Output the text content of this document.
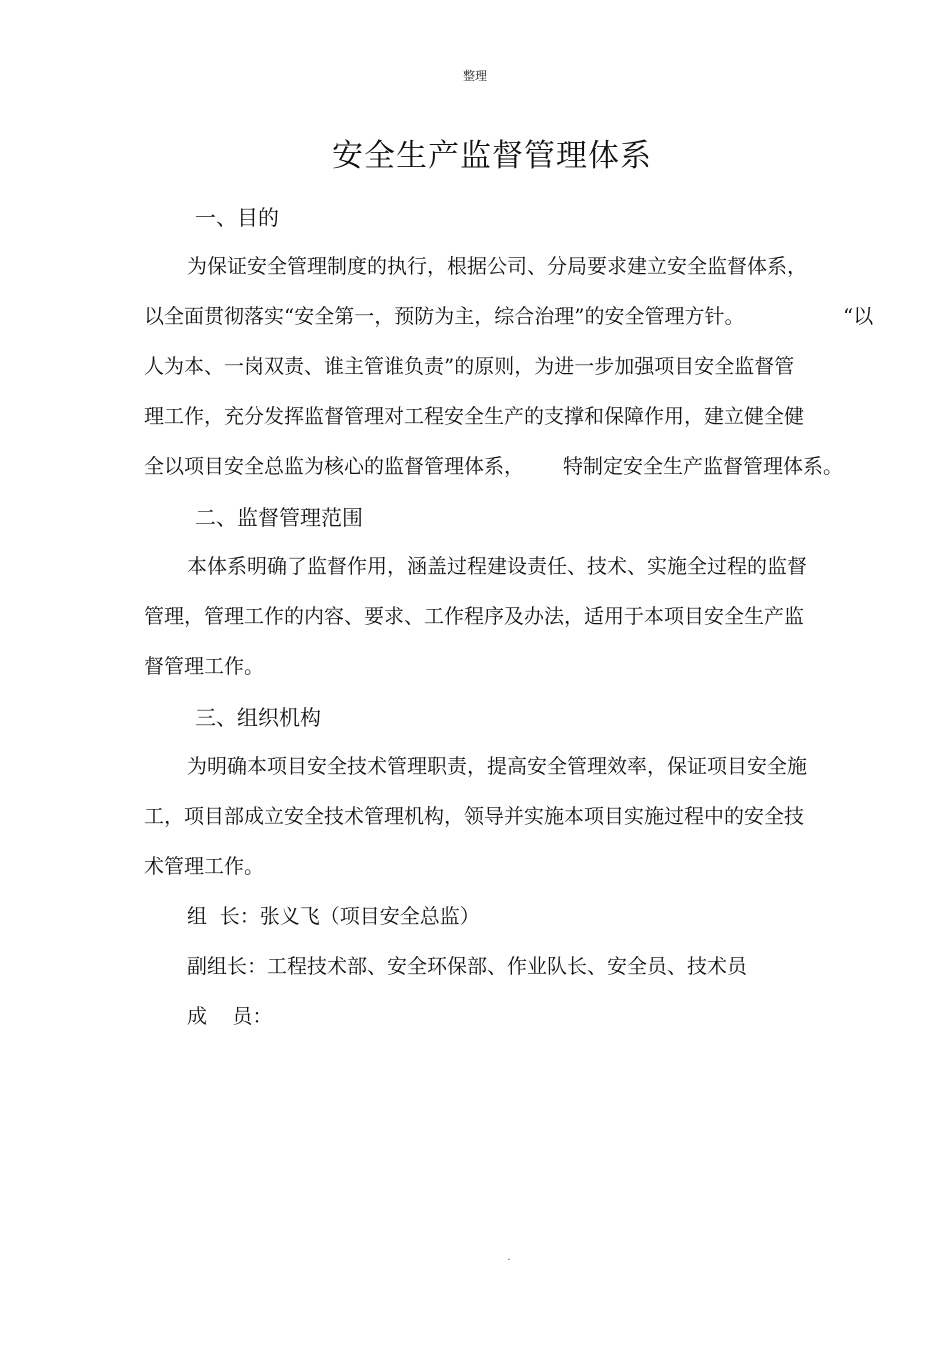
整理
安全生产监督管理体系
一、目的
为保证安全管理制度的执行，根据公司、分局要求建立安全监督体系，
以全面贯彻落实“安全第一，预防为主，综合治理”的安全管理方针。	“以
人为本、一岗双责、谁主管谁负责”的原则，为进一步加强项目安全监督管
理工作，充分发挥监督管理对工程安全生产的支撑和保障作用，建立健全健
全以项目安全总监为核心的监督管理体系， 特制定安全生产监督管理体系。
二、监督管理范围
本体系明确了监督作用，涵盖过程建设责任、技术、实施全过程的监督
管理，管理工作的内容、要求、工作程序及办法，适用于本项目安全生产监
督管理工作。
三、组织机构
为明确本项目安全技术管理职责，提高安全管理效率，保证项目安全施
工，项目部成立安全技术管理机构，领导并实施本项目实施过程中的安全技
术管理工作。
组  长：张义飞（项目安全总监）
副组长：工程技术部、安全环保部、作业队长、安全员、技术员
成    员：
.
